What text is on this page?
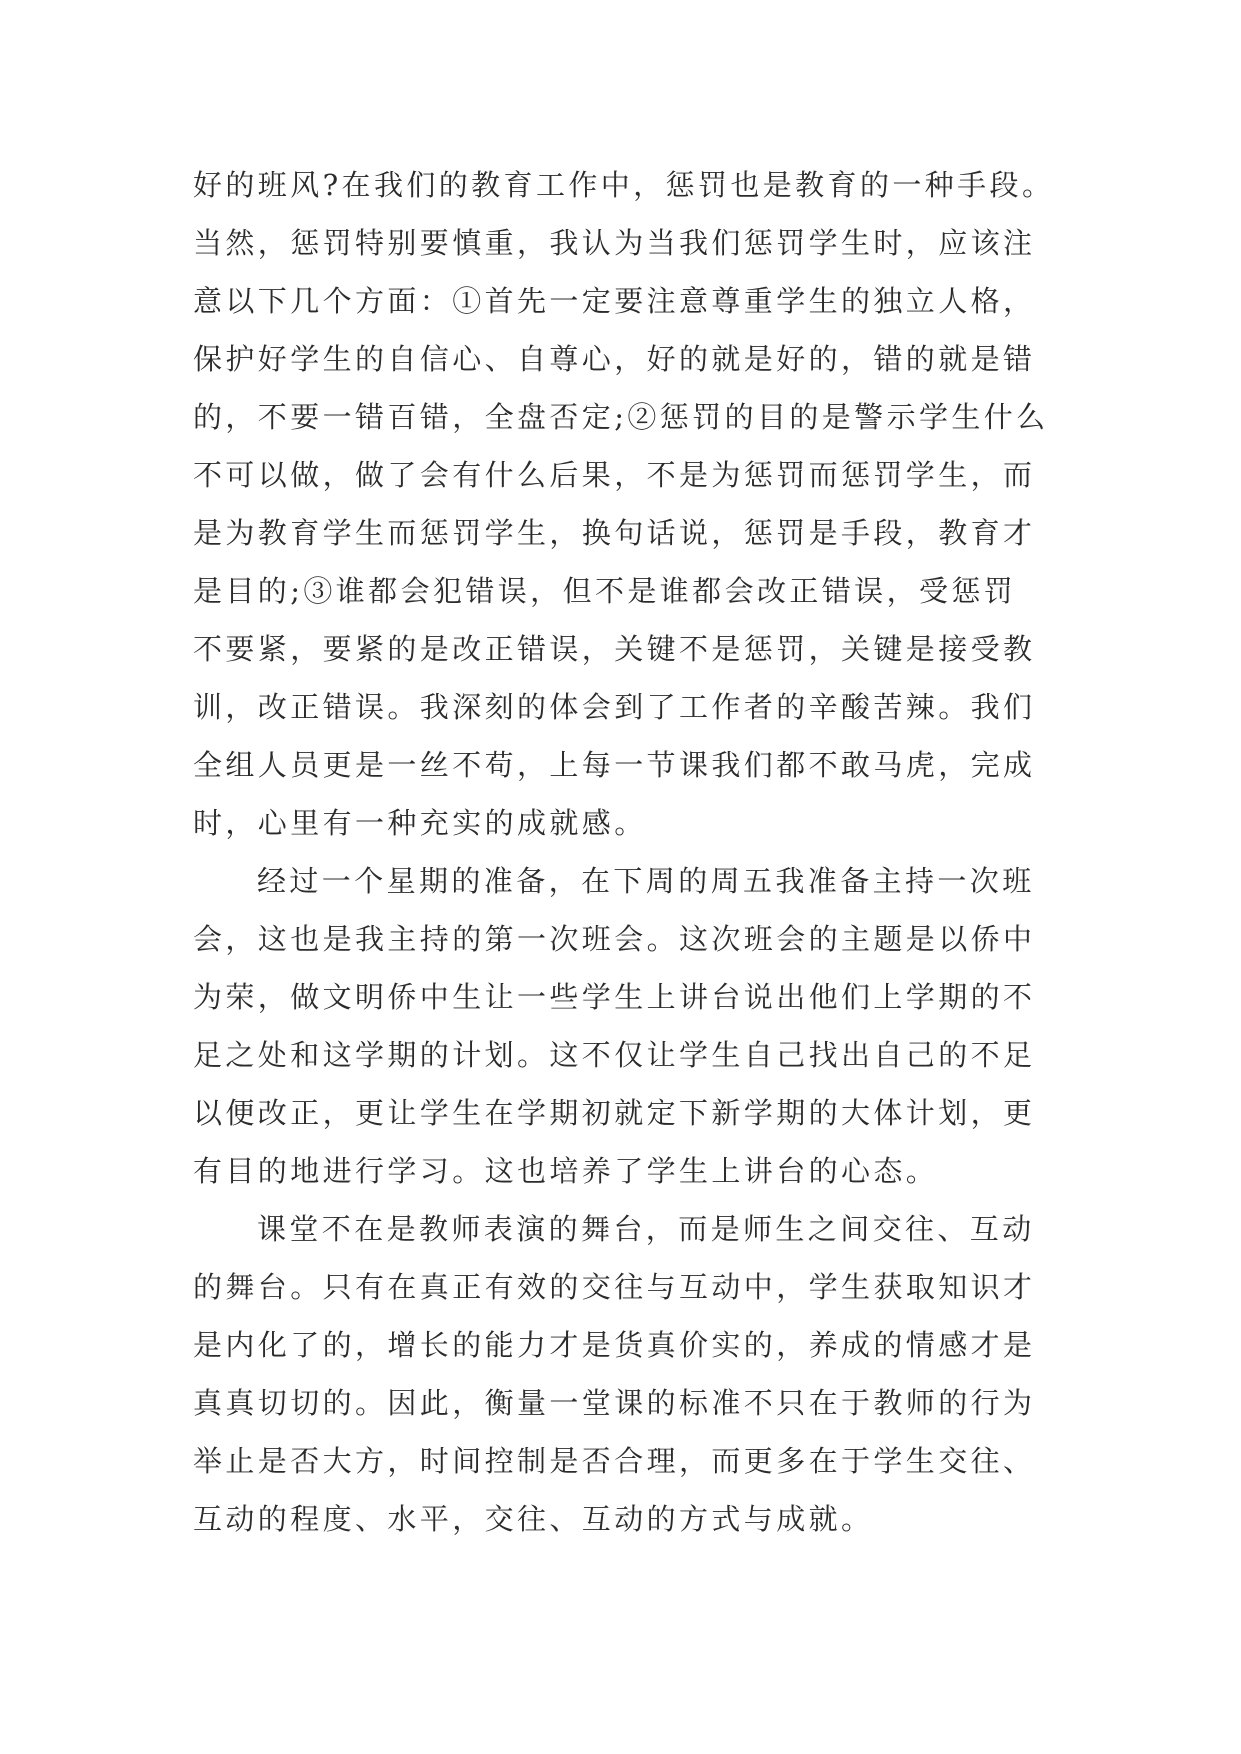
好的班风?在我们的教育工作中，惩罚也是教育的一种手段。
当然，惩罚特别要慎重，我认为当我们惩罚学生时，应该注
意以下几个方面：①首先一定要注意尊重学生的独立人格，
保护好学生的自信心、自尊心，好的就是好的，错的就是错
的，不要一错百错，全盘否定;②惩罚的目的是警示学生什么
不可以做，做了会有什么后果，不是为惩罚而惩罚学生，而
是为教育学生而惩罚学生，换句话说，惩罚是手段，教育才
是目的;③谁都会犯错误，但不是谁都会改正错误，受惩罚
不要紧，要紧的是改正错误，关键不是惩罚，关键是接受教
训，改正错误。我深刻的体会到了工作者的辛酸苦辣。我们
全组人员更是一丝不苟，上每一节课我们都不敢马虎，完成
时，心里有一种充实的成就感。
经过一个星期的准备，在下周的周五我准备主持一次班
会，这也是我主持的第一次班会。这次班会的主题是以侨中
为荣，做文明侨中生让一些学生上讲台说出他们上学期的不
足之处和这学期的计划。这不仅让学生自己找出自己的不足
以便改正，更让学生在学期初就定下新学期的大体计划，更
有目的地进行学习。这也培养了学生上讲台的心态。
课堂不在是教师表演的舞台，而是师生之间交往、互动
的舞台。只有在真正有效的交往与互动中，学生获取知识才
是内化了的，增长的能力才是货真价实的，养成的情感才是
真真切切的。因此，衡量一堂课的标准不只在于教师的行为
举止是否大方，时间控制是否合理，而更多在于学生交往、
互动的程度、水平，交往、互动的方式与成就。
